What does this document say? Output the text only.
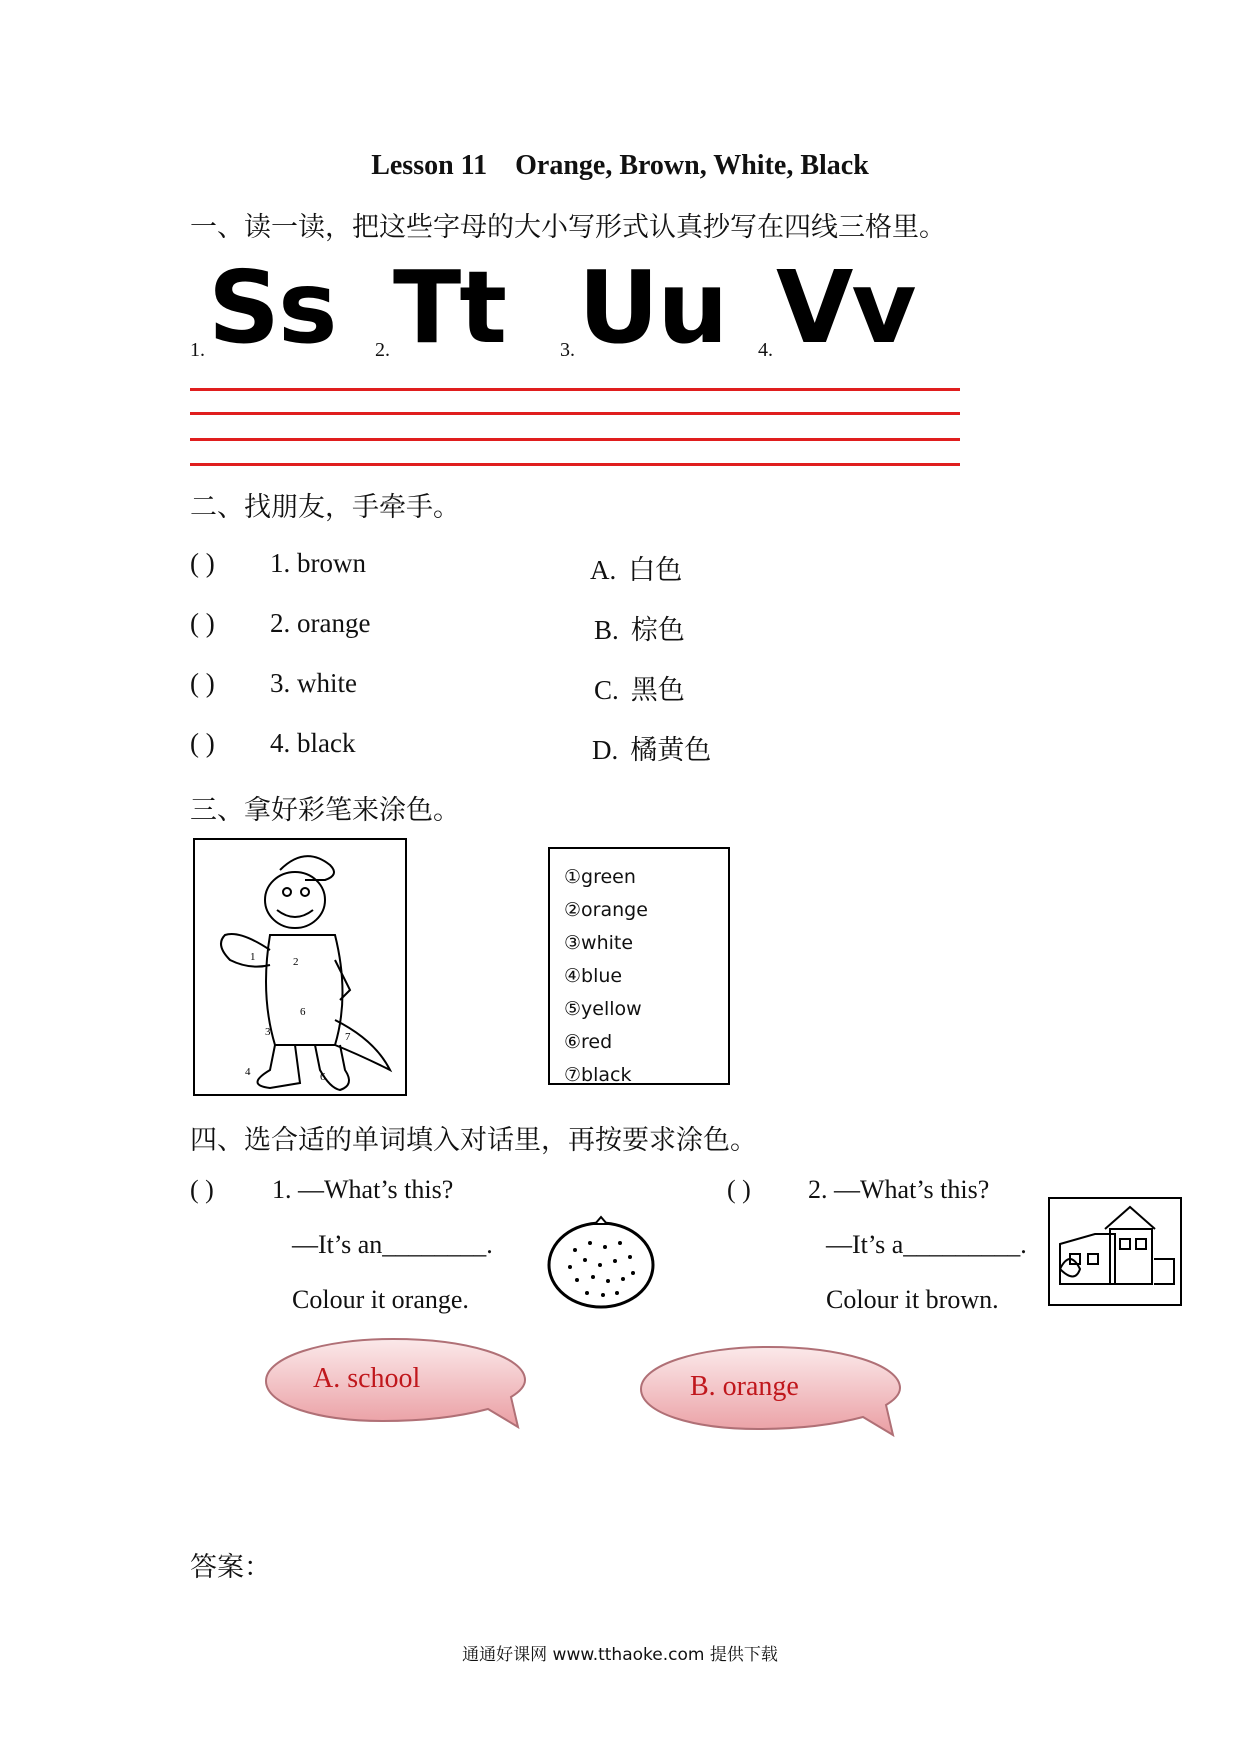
Lesson 11    Orange, Brown, White, Black
一、读一读，把这些字母的大小写形式认真抄写在四线三格里。
1. Ss 2. Tt	3. Uu 4. Vv
二、找朋友，手牵手。
( ) 1. brown	A. 白色
( ) 2. orange	B. 棕色
( ) 3. white	C. 黑色
( ) 4. black	D. 橘黄色
三、拿好彩笔来涂色。
1	2
6
3	7
4	6
①green
②orange
③white
④blue
⑤yellow
⑥red
⑦black
四、选合适的单词填入对话里，再按要求涂色。
( ) 1. —What’s this?
—It’s an________.
Colour it orange.
( ) 2. —What’s this?
—It’s a_________.
Colour it brown.
A. school	B. orange
答案：
通通好课网 www.tthaoke.com 提供下载
